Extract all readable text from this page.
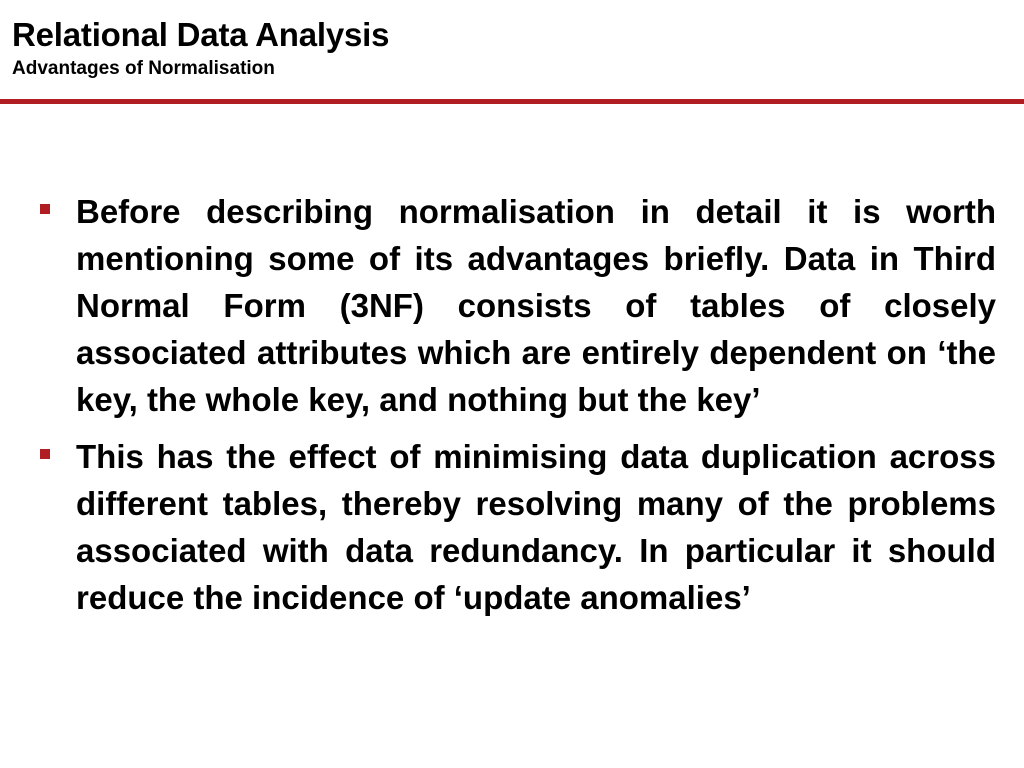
Relational Data Analysis
Advantages of Normalisation

Before describing normalisation in detail it is worth mentioning some of its advantages briefly. Data in Third Normal Form (3NF) consists of tables of closely associated attributes which are entirely dependent on ‘the key, the whole key, and nothing but the key’

This has the effect of minimising data duplication across different tables, thereby resolving many of the problems associated with data redundancy. In particular it should reduce the incidence of ‘update anomalies’
